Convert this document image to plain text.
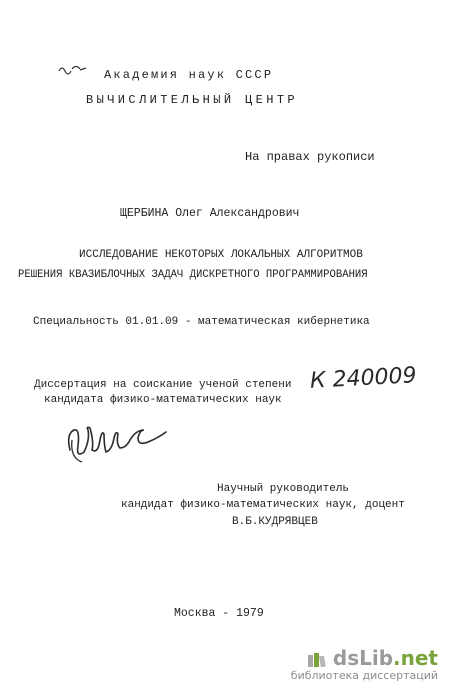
Академия наук СССР
ВЫЧИСЛИТЕЛЬНЫЙ ЦЕНТР
На правах рукописи
ЩЕРБИНА Олег Александрович
ИССЛЕДОВАНИЕ НЕКОТОРЫХ ЛОКАЛЬНЫХ АЛГОРИТМОВ
РЕШЕНИЯ КВАЗИБЛОЧНЫХ ЗАДАЧ ДИСКРЕТНОГО ПРОГРАММИРОВАНИЯ
Специальность 01.01.09 - математическая кибернетика
Диссертация на соискание ученой степени
кандидата физико-математических наук
К 240009
Научный руководитель
кандидат физико-математических наук, доцент
В.Б.КУДРЯВЦЕВ
Москва - 1979
dsLib .net
библиотека диссертаций
